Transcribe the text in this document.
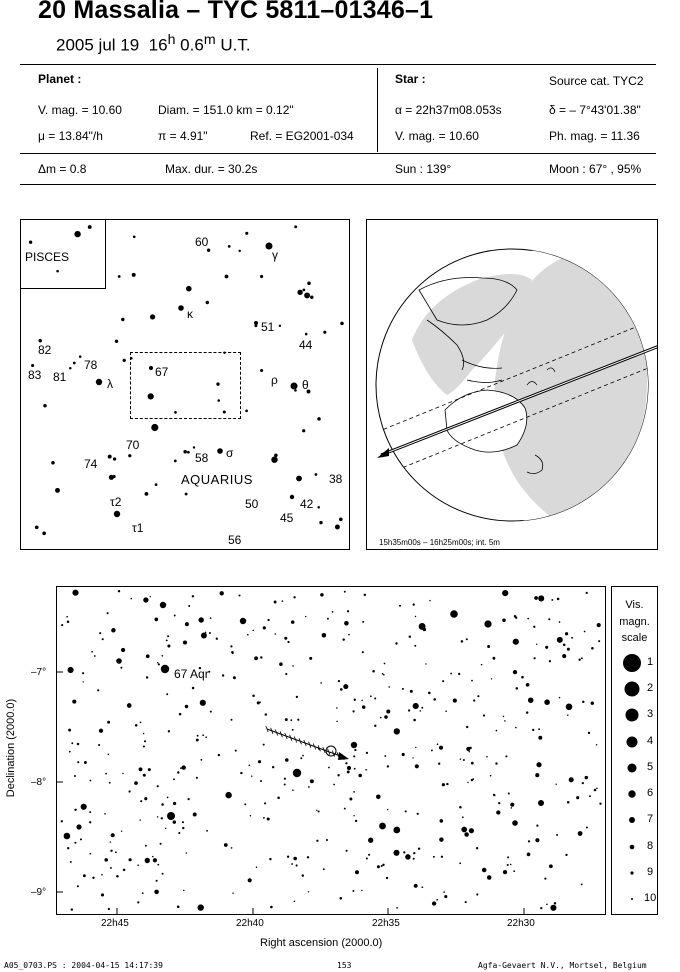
20 Massalia – TYC 5811–01346–1
2005 jul 19 16$^h$ 0.6$^m$ U.T.
Planet :
V. mag. = 10.60	Diam. = 151.0 km = 0.12"
μ = 13.84"/h	π = 4.91"	Ref. = EG2001-034
Star :	Source cat. TYC2
α = 22h37m08.053s	δ = – 7°43'01.38"
V. mag. = 10.60	Ph. mag. = 11.36
Δm = 0.8	Max. dur. = 30.2s	Sun : 139°	Moon : 67° , 95%
PISCES
AQUARIUS
60
γ
κ
51
44
82
78
83 81	λ
67
ρ θ
70
58 σ
74
38
50	42
45
τ2
τ1
56	15h35m00s – 16h25m00s; int. 5m
67 Aqr
–7°
–8°
–9°
22h45	22h40	22h35	22h30
Right ascension (2000.0)
Declination (2000.0)
Vis.
magn.
scale
1
2
3
4
5
6
7
8
9
10
A05_0703.PS : 2004-04-15 14:17:39	153	Agfa-Gevaert N.V., Mortsel, Belgium
